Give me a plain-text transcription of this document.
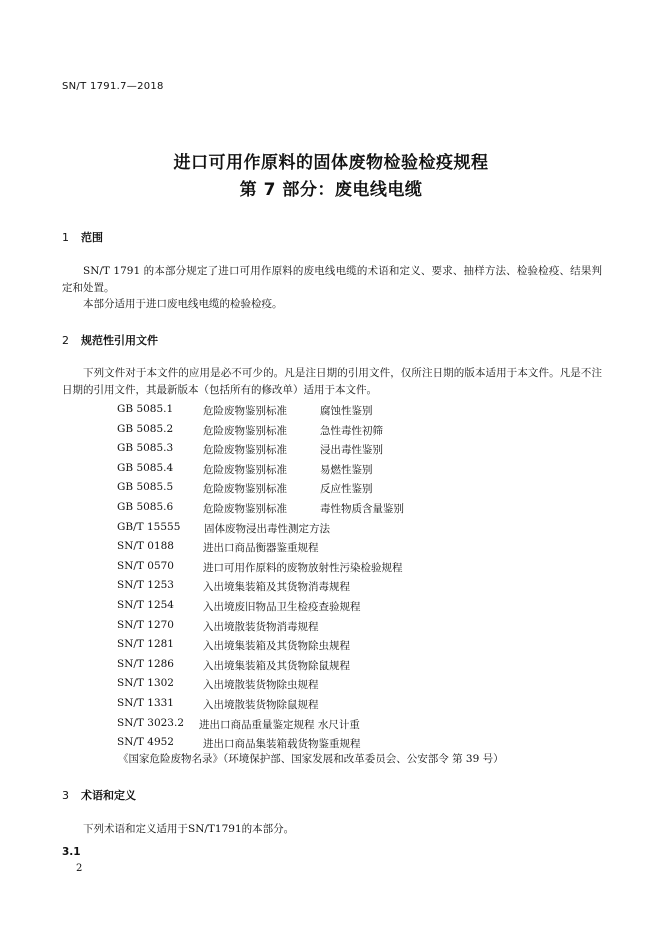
SN/T 1791.7—2018
进口可用作原料的固体废物检验检疫规程
第 7 部分：废电线电缆
1 范围
SN/T 1791 的本部分规定了进口可用作原料的废电线电缆的术语和定义、要求、抽样方法、检验检疫、结果判定和处置。
本部分适用于进口废电线电缆的检验检疫。
2 规范性引用文件
下列文件对于本文件的应用是必不可少的。凡是注日期的引用文件，仅所注日期的版本适用于本文件。凡是不注日期的引用文件，其最新版本（包括所有的修改单）适用于本文件。
GB 5085.1	危险废物鉴别标准	腐蚀性鉴别
GB 5085.2	危险废物鉴别标准	急性毒性初筛
GB 5085.3	危险废物鉴别标准	浸出毒性鉴别
GB 5085.4	危险废物鉴别标准	易燃性鉴别
GB 5085.5	危险废物鉴别标准	反应性鉴别
GB 5085.6	危险废物鉴别标准	毒性物质含量鉴别
GB/T 15555 固体废物浸出毒性测定方法
SN/T 0188	进出口商品衡器鉴重规程
SN/T 0570	进口可用作原料的废物放射性污染检验规程
SN/T 1253	入出境集装箱及其货物消毒规程
SN/T 1254	入出境废旧物品卫生检疫查验规程
SN/T 1270	入出境散装货物消毒规程
SN/T 1281	入出境集装箱及其货物除虫规程
SN/T 1286	入出境集装箱及其货物除鼠规程
SN/T 1302	入出境散装货物除虫规程
SN/T 1331	入出境散装货物除鼠规程
SN/T 3023.2 进出口商品重量鉴定规程 水尺计重
SN/T 4952	进出口商品集装箱载货物鉴重规程
《国家危险废物名录》（环境保护部、国家发展和改革委员会、公安部令 第 39 号）
3 术语和定义
下列术语和定义适用于SN/T1791的本部分。
3.1
2
